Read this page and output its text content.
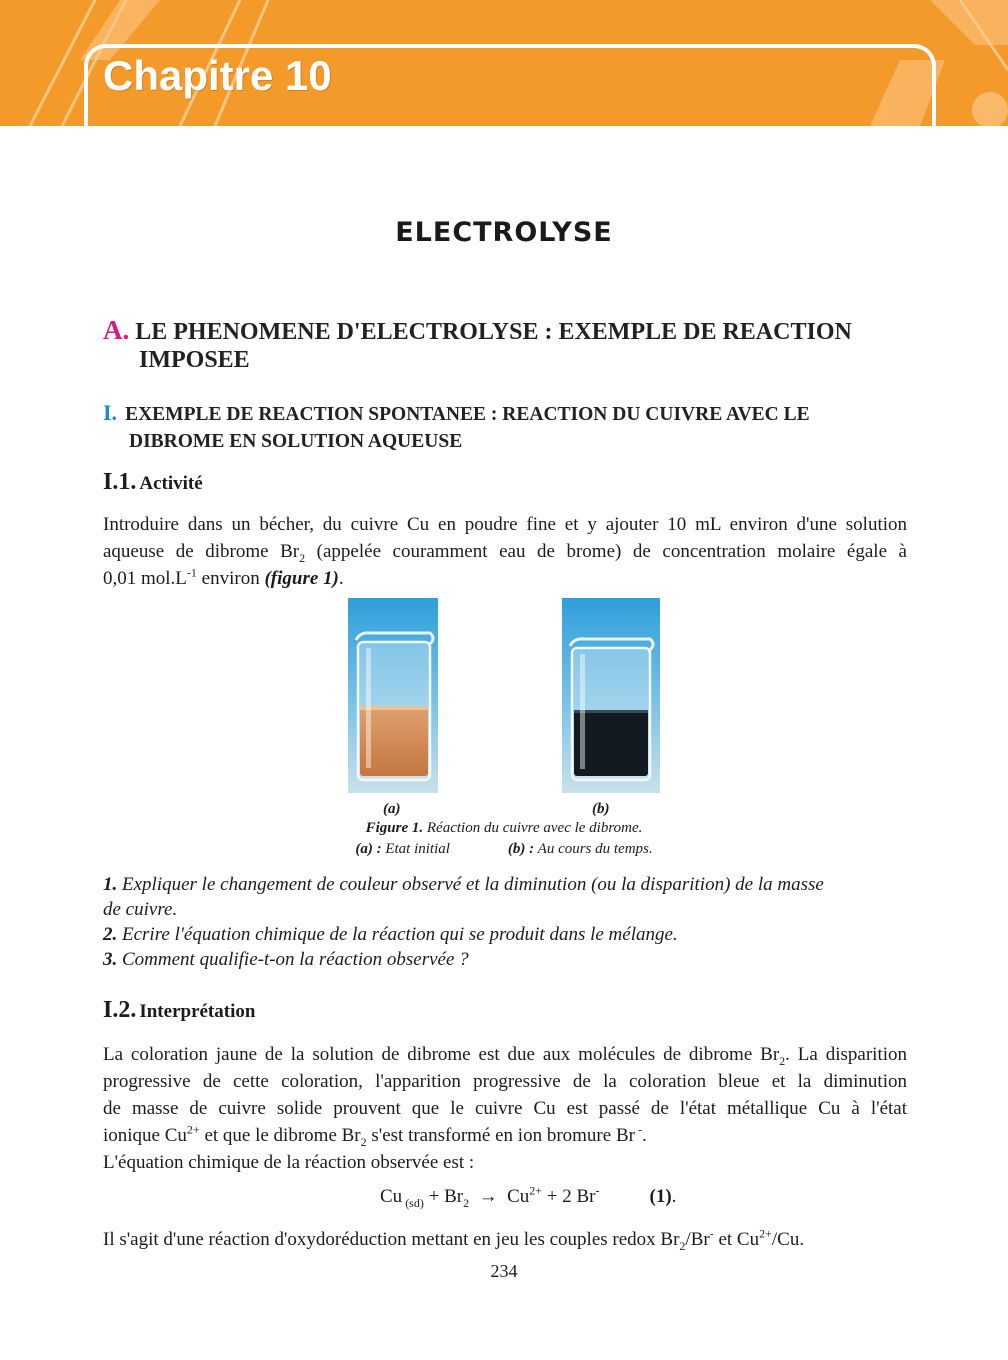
Chapitre 10
ELECTROLYSE
A. LE PHENOMENE D'ELECTROLYSE : EXEMPLE DE REACTION
IMPOSEE
I. EXEMPLE DE REACTION SPONTANEE : REACTION DU CUIVRE AVEC LE
DIBROME EN SOLUTION AQUEUSE

I.1. Activité

Introduire dans un bécher, du cuivre Cu en poudre fine et y ajouter 10 mL environ d'une solution
aqueuse de dibrome $Br_2$ (appelée couramment eau de brome) de concentration molaire égale à
0,01 $mol.L^{-1}$ environ (figure 1).

(a)	(b)

Figure 1. Réaction du cuivre avec le dibrome.

(a) : Etat initial	(b) : Au cours du temps.

1. Expliquer le changement de couleur observé et la diminution (ou la disparition) de la masse
de cuivre.
2. Ecrire l'équation chimique de la réaction qui se produit dans le mélange.
3. Comment qualifie-t-on la réaction observée ?

I.2. Interprétation

La coloration jaune de la solution de dibrome est due aux molécules de dibrome $Br_2$. La disparition
progressive de cette coloration, l'apparition progressive de la coloration bleue et la diminution
de masse de cuivre solide prouvent que le cuivre Cu est passé de l'état métallique Cu à l'état
ionique $Cu^{2+}$ et que le dibrome $Br_2$ s'est transformé en ion bromure Br -.
L'équation chimique de la réaction observée est :

Cu $_{(sd)} + Br_2 \to Cu^{2+} + 2$ Br-	(1).

Il s'agit d'une réaction d'oxydoréduction mettant en jeu les couples redox $Br_2/Br^-$ et $Cu^{2+}/Cu$.

234
